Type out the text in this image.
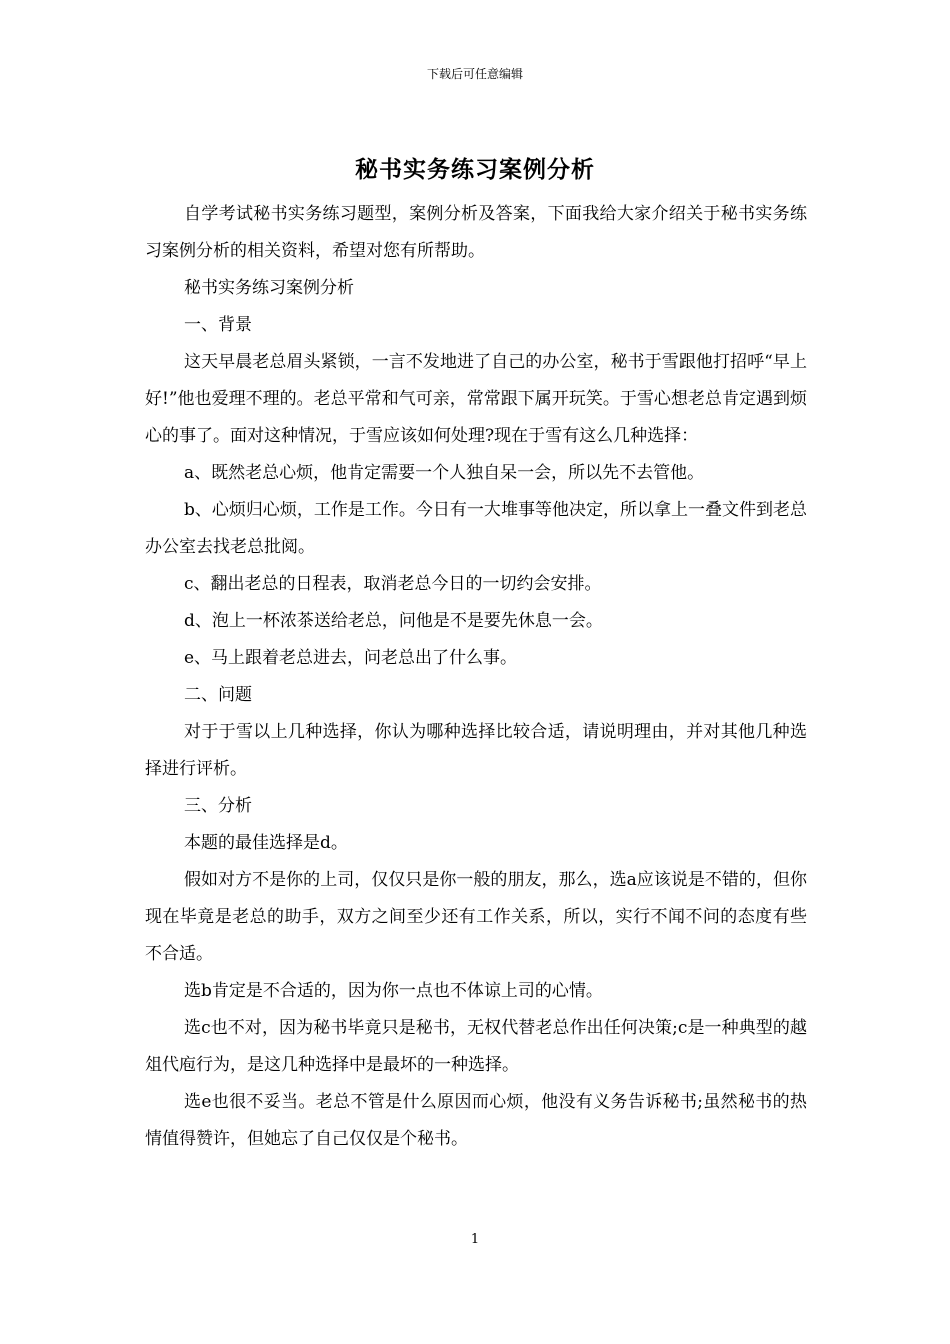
下载后可任意编辑
秘书实务练习案例分析

自学考试秘书实务练习题型，案例分析及答案，下面我给大家介绍关于秘书实务练习案例分析的相关资料，希望对您有所帮助。

秘书实务练习案例分析

一、背景

这天早晨老总眉头紧锁，一言不发地进了自己的办公室，秘书于雪跟他打招呼“早上好!”他也爱理不理的。老总平常和气可亲，常常跟下属开玩笑。于雪心想老总肯定遇到烦心的事了。面对这种情况，于雪应该如何处理?现在于雪有这么几种选择：

a、既然老总心烦，他肯定需要一个人独自呆一会，所以先不去管他。

b、心烦归心烦，工作是工作。今日有一大堆事等他决定，所以拿上一叠文件到老总办公室去找老总批阅。

c、翻出老总的日程表，取消老总今日的一切约会安排。

d、泡上一杯浓茶送给老总，问他是不是要先休息一会。

e、马上跟着老总进去，问老总出了什么事。

二、问题

对于于雪以上几种选择，你认为哪种选择比较合适，请说明理由，并对其他几种选择进行评析。

三、分析

本题的最佳选择是d。

假如对方不是你的上司，仅仅只是你一般的朋友，那么，选a应该说是不错的，但你现在毕竟是老总的助手，双方之间至少还有工作关系，所以，实行不闻不问的态度有些不合适。

选b肯定是不合适的，因为你一点也不体谅上司的心情。

选c也不对，因为秘书毕竟只是秘书，无权代替老总作出任何决策;c是一种典型的越俎代庖行为，是这几种选择中是最坏的一种选择。

选e也很不妥当。老总不管是什么原因而心烦，他没有义务告诉秘书;虽然秘书的热情值得赞许，但她忘了自己仅仅是个秘书。

1
